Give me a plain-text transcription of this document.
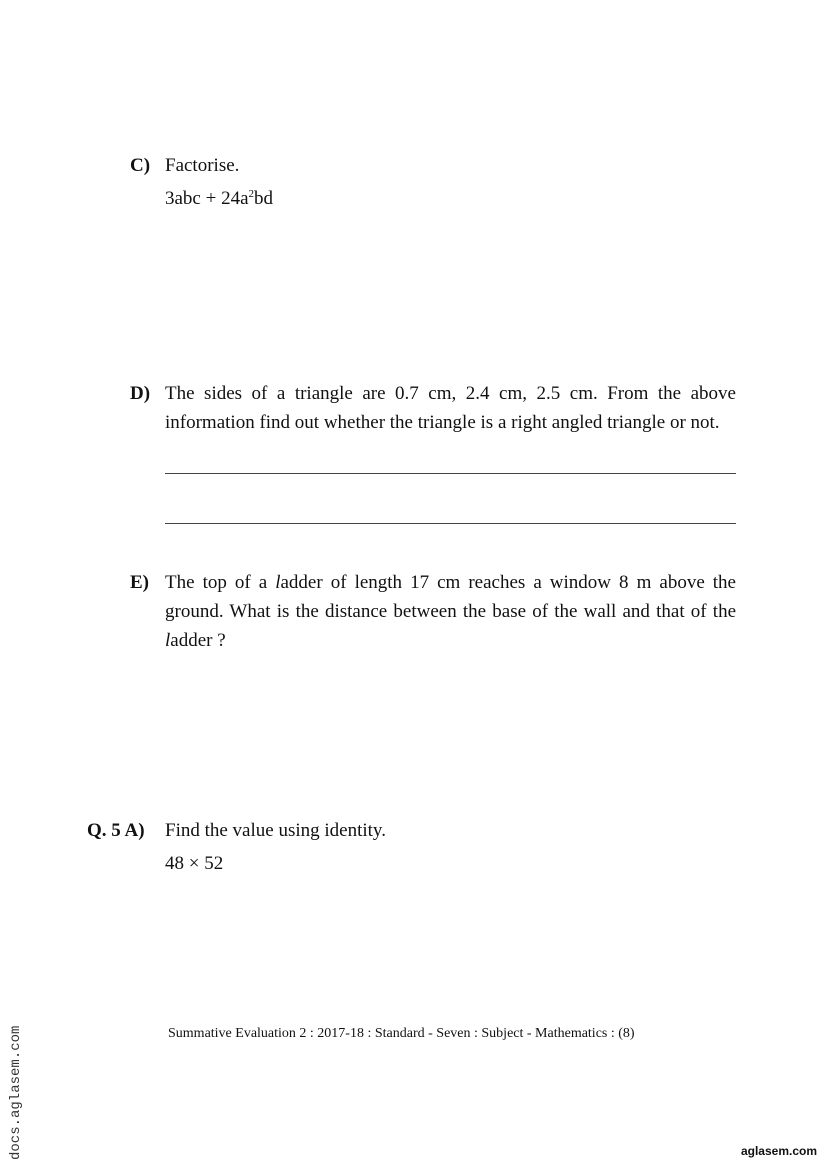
C) Factorise.
$3abc + 24a^2bd$
D) The sides of a triangle are 0.7 cm, 2.4 cm, 2.5 cm. From the above information find out whether the triangle is a right angled triangle or not.
E) The top of a ladder of length 17 cm reaches a window 8 m above the ground. What is the distance between the base of the wall and that of the ladder ?
Q. 5 A) Find the value using identity.
48 × 52
Summative Evaluation 2 : 2017-18 : Standard - Seven : Subject - Mathematics : (8)
docs.aglasem.com	aglasem.com
